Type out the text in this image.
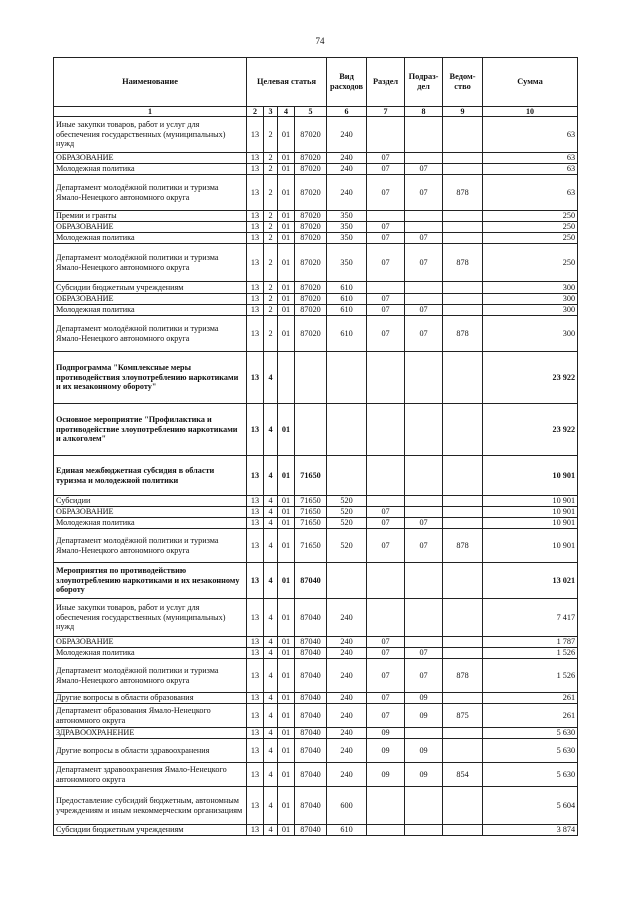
74
Наименование	Целевая статья				Вид расходов	Раздел	Подраз-дел	Ведом-ство	Сумма
1	2	3	4	5	6	7	8	9	10
Иные закупки товаров, работ и услуг для обеспечения государственных (муниципальных) нужд	13	2	01	87020	240				63
ОБРАЗОВАНИЕ	13	2	01	87020	240	07			63
Молодежная политика	13	2	01	87020	240	07	07		63
Департамент молодёжной политики и туризма Ямало-Ненецкого автономного округа	13	2	01	87020	240	07	07	878	63
Премии и гранты	13	2	01	87020	350				250
ОБРАЗОВАНИЕ	13	2	01	87020	350	07			250
Молодежная политика	13	2	01	87020	350	07	07		250
Департамент молодёжной политики и туризма Ямало-Ненецкого автономного округа	13	2	01	87020	350	07	07	878	250
Субсидии бюджетным учреждениям	13	2	01	87020	610				300
ОБРАЗОВАНИЕ	13	2	01	87020	610	07			300
Молодежная политика	13	2	01	87020	610	07	07		300
Департамент молодёжной политики и туризма Ямало-Ненецкого автономного округа	13	2	01	87020	610	07	07	878	300
Подпрограмма "Комплексные меры противодействия злоупотреблению наркотиками и их незаконному обороту"	13	4							23 922
Основное мероприятие "Профилактика и противодействие злоупотреблению наркотиками и алкоголем"	13	4	01						23 922
Единая межбюджетная субсидия в области туризма и молодежной политики	13	4	01	71650					10 901
Субсидии	13	4	01	71650	520				10 901
ОБРАЗОВАНИЕ	13	4	01	71650	520	07			10 901
Молодежная политика	13	4	01	71650	520	07	07		10 901
Департамент молодёжной политики и туризма Ямало-Ненецкого автономного округа	13	4	01	71650	520	07	07	878	10 901
Мероприятия по противодействию злоупотреблению наркотиками и их незаконному обороту	13	4	01	87040					13 021
Иные закупки товаров, работ и услуг для обеспечения государственных (муниципальных) нужд	13	4	01	87040	240				7 417
ОБРАЗОВАНИЕ	13	4	01	87040	240	07			1 787
Молодежная политика	13	4	01	87040	240	07	07		1 526
Департамент молодёжной политики и туризма Ямало-Ненецкого автономного округа	13	4	01	87040	240	07	07	878	1 526
Другие вопросы в области образования	13	4	01	87040	240	07	09		261
Департамент образования Ямало-Ненецкого автономного округа	13	4	01	87040	240	07	09	875	261
ЗДРАВООХРАНЕНИЕ	13	4	01	87040	240	09			5 630
Другие вопросы в области здравоохранения	13	4	01	87040	240	09	09		5 630
Департамент здравоохранения Ямало-Ненецкого автономного округа	13	4	01	87040	240	09	09	854	5 630
Предоставление субсидий бюджетным, автономным учреждениям и иным некоммерческим организациям	13	4	01	87040	600				5 604
Субсидии бюджетным учреждениям	13	4	01	87040	610				3 874
